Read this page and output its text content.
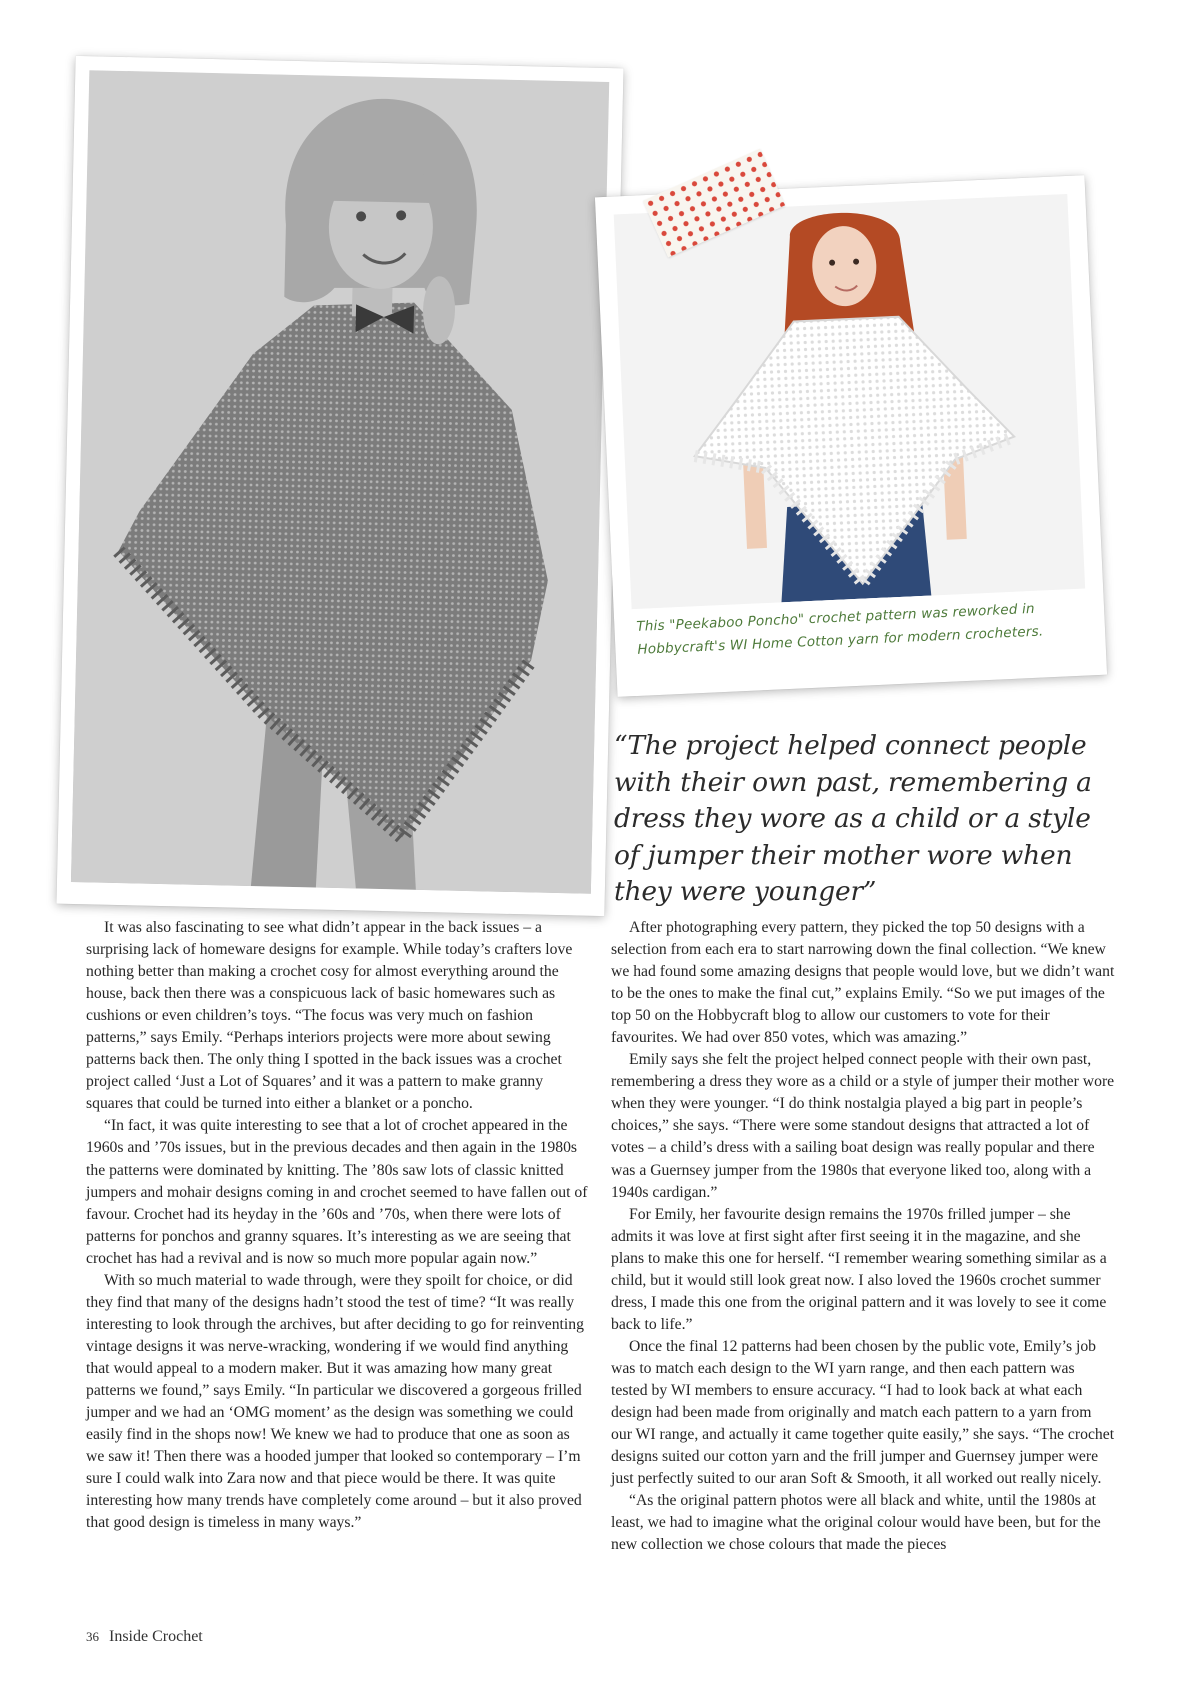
This "Peekaboo Poncho" crochet pattern was reworked in Hobbycraft's WI Home Cotton yarn for modern crocheters.
“The project helped connect people with their own past, remembering a dress they wore as a child or a style of jumper their mother wore when they were younger”

It was also fascinating to see what didn’t appear in the back issues – a surprising lack of homeware designs for example. While today’s crafters love nothing better than making a crochet cosy for almost everything around the house, back then there was a conspicuous lack of basic homewares such as cushions or even children’s toys. “The focus was very much on fashion patterns,” says Emily. “Perhaps interiors projects were more about sewing patterns back then. The only thing I spotted in the back issues was a crochet project called ‘Just a Lot of Squares’ and it was a pattern to make granny squares that could be turned into either a blanket or a poncho.

“In fact, it was quite interesting to see that a lot of crochet appeared in the 1960s and ’70s issues, but in the previous decades and then again in the 1980s the patterns were dominated by knitting. The ’80s saw lots of classic knitted jumpers and mohair designs coming in and crochet seemed to have fallen out of favour. Crochet had its heyday in the ’60s and ’70s, when there were lots of patterns for ponchos and granny squares. It’s interesting as we are seeing that crochet has had a revival and is now so much more popular again now.”

With so much material to wade through, were they spoilt for choice, or did they find that many of the designs hadn’t stood the test of time? “It was really interesting to look through the archives, but after deciding to go for reinventing vintage designs it was nerve-wracking, wondering if we would find anything that would appeal to a modern maker. But it was amazing how many great patterns we found,” says Emily. “In particular we discovered a gorgeous frilled jumper and we had an ‘OMG moment’ as the design was something we could easily find in the shops now! We knew we had to produce that one as soon as we saw it! Then there was a hooded jumper that looked so contemporary – I’m sure I could walk into Zara now and that piece would be there. It was quite interesting how many trends have completely come around – but it also proved that good design is timeless in many ways.”

After photographing every pattern, they picked the top 50 designs with a selection from each era to start narrowing down the final collection. “We knew we had found some amazing designs that people would love, but we didn’t want to be the ones to make the final cut,” explains Emily. “So we put images of the top 50 on the Hobbycraft blog to allow our customers to vote for their favourites. We had over 850 votes, which was amazing.”

Emily says she felt the project helped connect people with their own past, remembering a dress they wore as a child or a style of jumper their mother wore when they were younger. “I do think nostalgia played a big part in people’s choices,” she says. “There were some standout designs that attracted a lot of votes – a child’s dress with a sailing boat design was really popular and there was a Guernsey jumper from the 1980s that everyone liked too, along with a 1940s cardigan.”

For Emily, her favourite design remains the 1970s frilled jumper – she admits it was love at first sight after first seeing it in the magazine, and she plans to make this one for herself. “I remember wearing something similar as a child, but it would still look great now. I also loved the 1960s crochet summer dress, I made this one from the original pattern and it was lovely to see it come back to life.”

Once the final 12 patterns had been chosen by the public vote, Emily’s job was to match each design to the WI yarn range, and then each pattern was tested by WI members to ensure accuracy. “I had to look back at what each design had been made from originally and match each pattern to a yarn from our WI range, and actually it came together quite easily,” she says. “The crochet designs suited our cotton yarn and the frill jumper and Guernsey jumper were just perfectly suited to our aran Soft & Smooth, it all worked out really nicely.

“As the original pattern photos were all black and white, until the 1980s at least, we had to imagine what the original colour would have been, but for the new collection we chose colours that made the pieces

36 Inside Crochet
